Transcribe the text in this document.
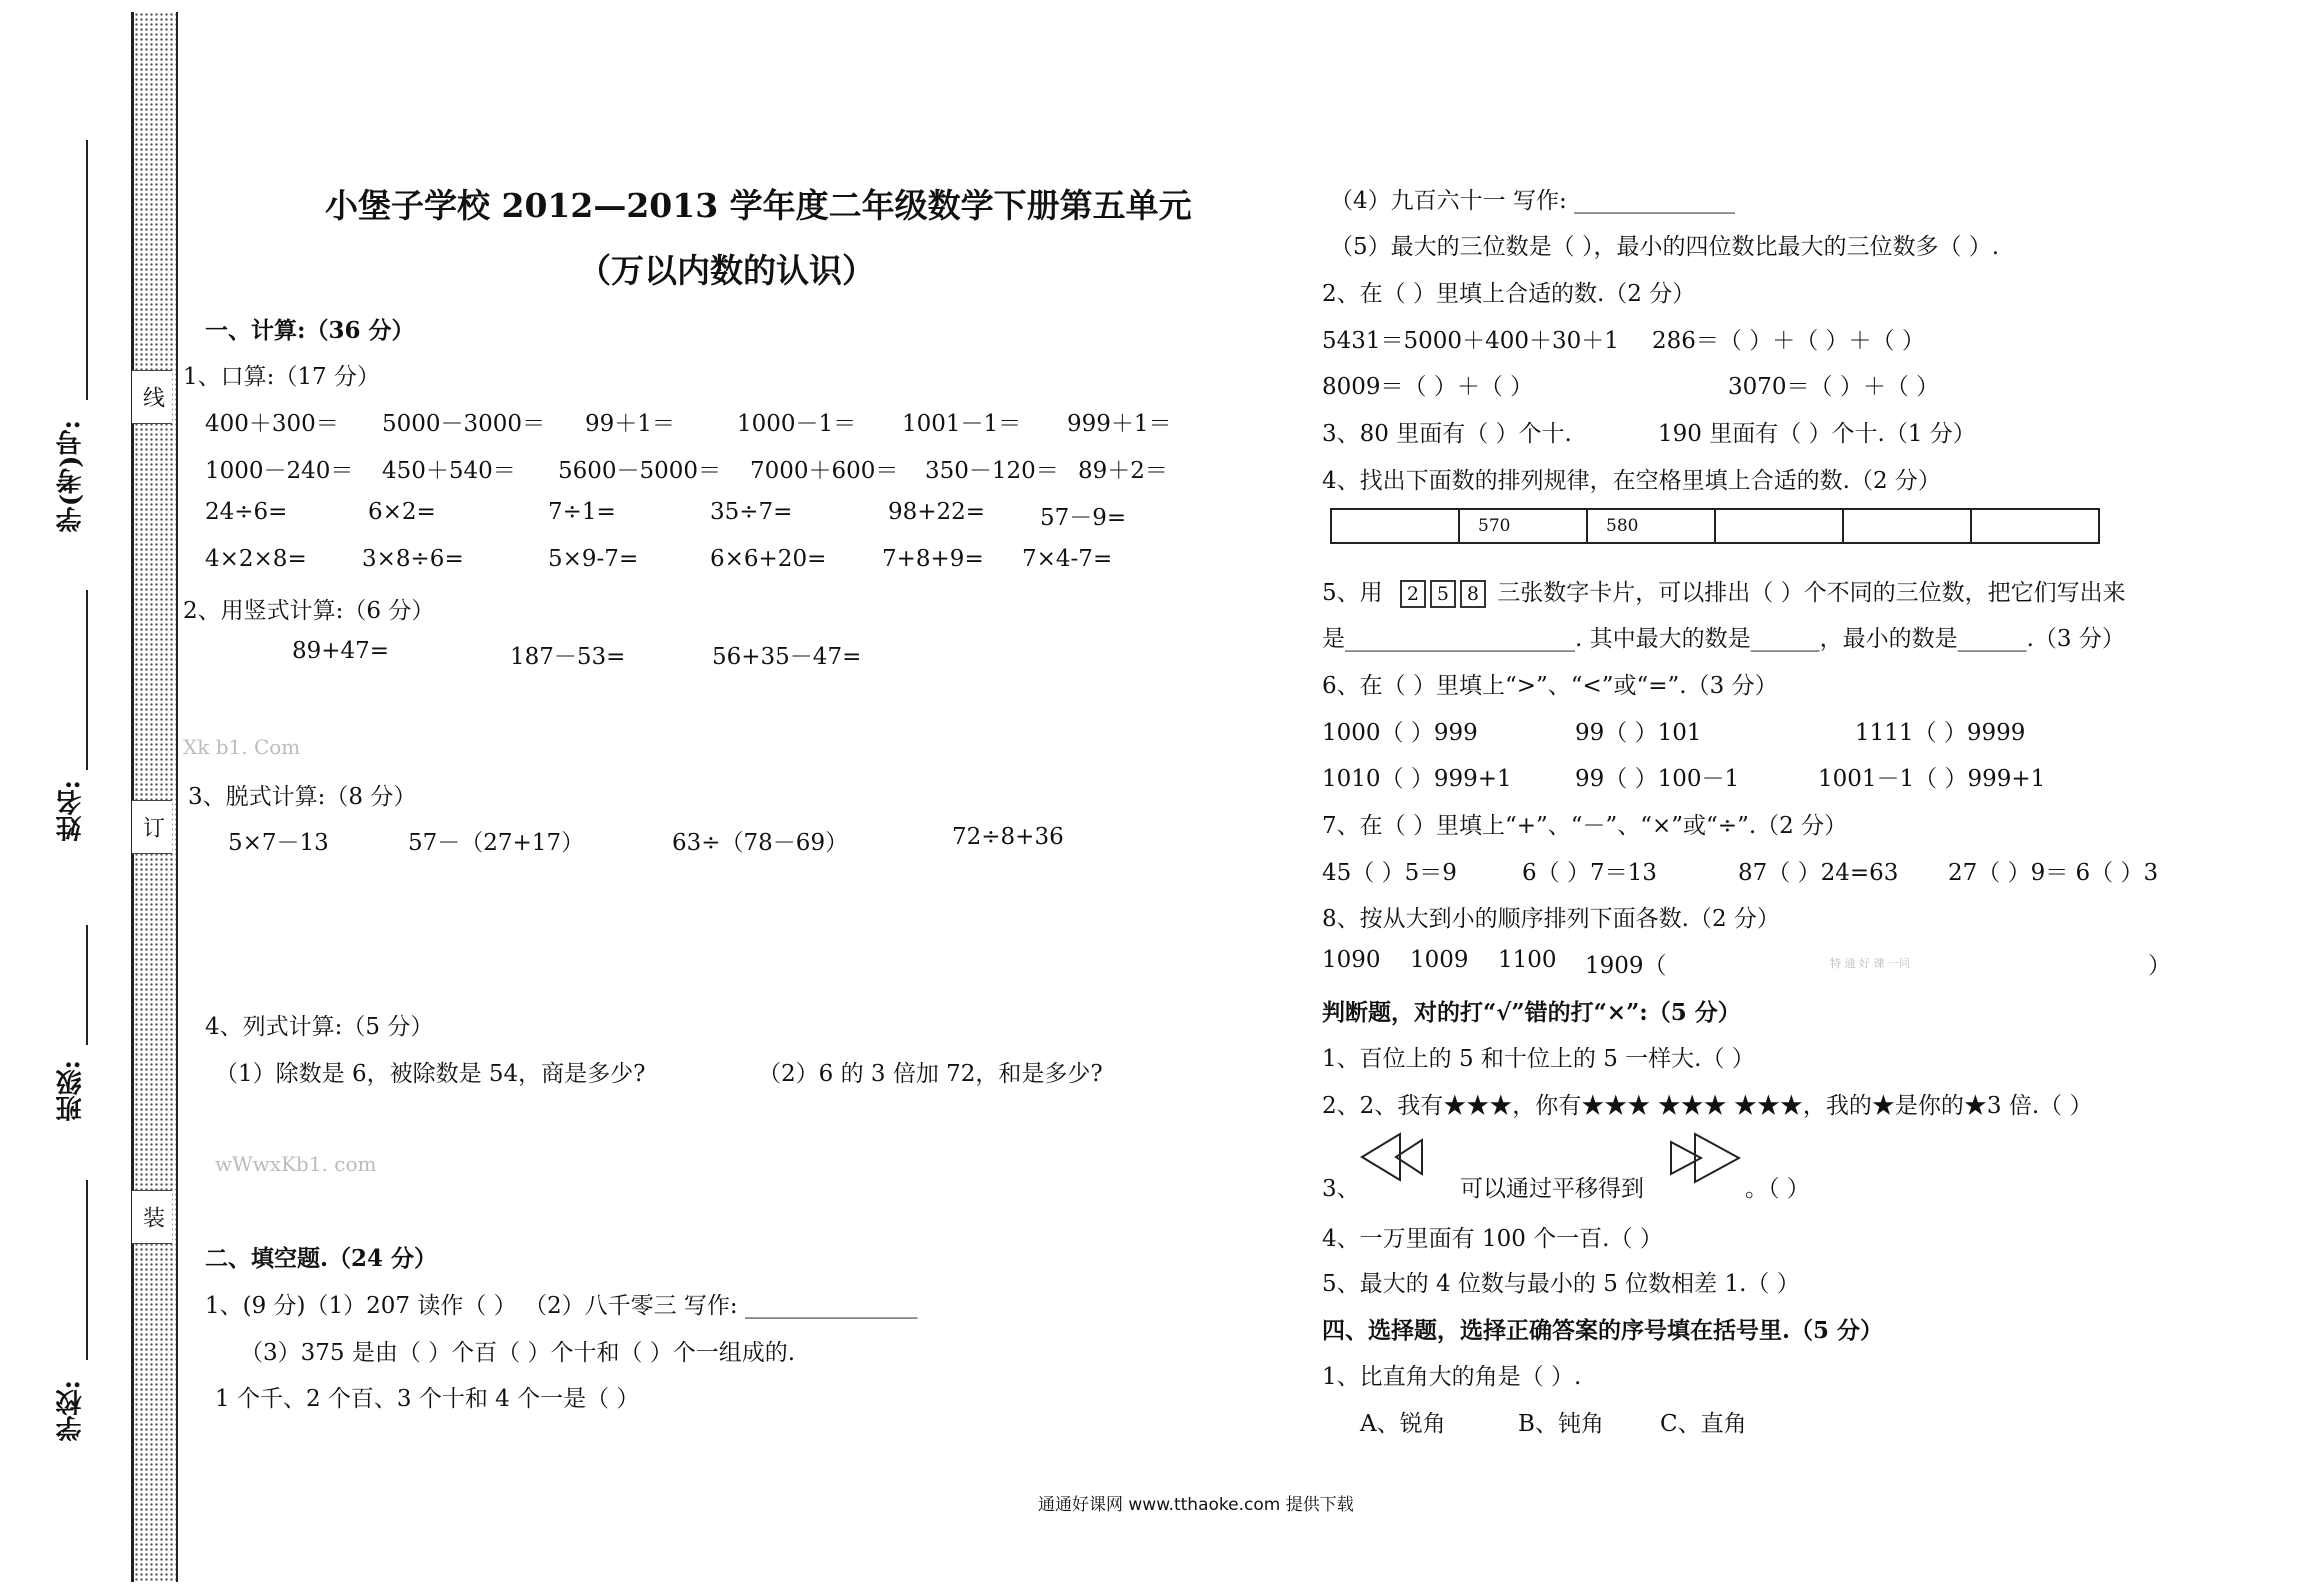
线
订
装
学(考)号:
姓名:
班级:
学校:
小堡子学校 2012—2013 学年度二年级数学下册第五单元
（万以内数的认识）
一、计算:（36 分）
1、口算:（17 分）
400＋300＝ 5000－3000＝ 99＋1＝	1000－1＝ 1001－1＝ 999＋1＝
1000－240＝ 450＋540＝ 5600－5000＝ 7000＋600＝ 350－120＝ 89＋2＝
24÷6=	6×2=	7÷1=	35÷7=	98+22= 57－9=
4×2×8= 3×8÷6=	5×9-7=	6×6+20= 7+8+9= 7×4-7=
2、用竖式计算:（6 分）
89+47=	187－53=	56+35－47=
Xk b1. Com
3、脱式计算:（8 分）
5×7－13	57－（27+17）	63÷（78－69）	72÷8+36
4、列式计算:（5 分）
（1）除数是 6，被除数是 54，商是多少?	（2）6 的 3 倍加 72，和是多少?
wWwxKb1. com
二、填空题.（24 分）
1、(9 分)（1）207 读作（ ） （2）八千零三 写作: _______________
（3）375 是由（ ）个百（ ）个十和（ ）个一组成的.
1 个千、2 个百、3 个十和 4 个一是（ ）
（4）九百六十一 写作: ______________
（5）最大的三位数是（ ），最小的四位数比最大的三位数多（ ）.
2、在（ ）里填上合适的数.（2 分）
5431＝5000＋400＋30＋1 286＝（ ）＋（ ）＋（ ）
8009＝（ ）＋（ ）	3070＝（ ）＋（ ）
3、80 里面有（ ）个十.	190 里面有（ ）个十.（1 分）
4、找出下面数的排列规律，在空格里填上合适的数.（2 分）
	570	580			
5、用 2 5 8 三张数字卡片，可以排出（ ）个不同的三位数，把它们写出来
是____________________. 其中最大的数是______，最小的数是______.（3 分）
6、在（ ）里填上“>”、“<”或“=”.（3 分）
1000（ ）999	99（ ）101	1111（ ）9999
1010（ ）999+1	99（ ）100－1	1001－1（ ）999+1
7、在（ ）里填上“+”、“－”、“×”或“÷”.（2 分）
45（ ）5＝9	6（ ）7＝13	87（ ）24=63 27（ ）9＝ 6（ ）3
8、按从大到小的顺序排列下面各数.（2 分）
1090 1009 1100 1909（	特 通 好 课 一同	）
判断题，对的打“√”错的打“×”:（5 分）
1、百位上的 5 和十位上的 5 一样大.（ ）
2、2、我有★★★，你有★★★ ★★★ ★★★，我的★是你的★3 倍.（ ）
3、	可以通过平移得到	。（ ）
4、一万里面有 100 个一百.（ ）
5、最大的 4 位数与最小的 5 位数相差 1.（ ）
四、选择题，选择正确答案的序号填在括号里.（5 分）
1、比直角大的角是（ ）.
A、锐角	B、钝角 C、直角
通通好课网 www.tthaoke.com 提供下载
